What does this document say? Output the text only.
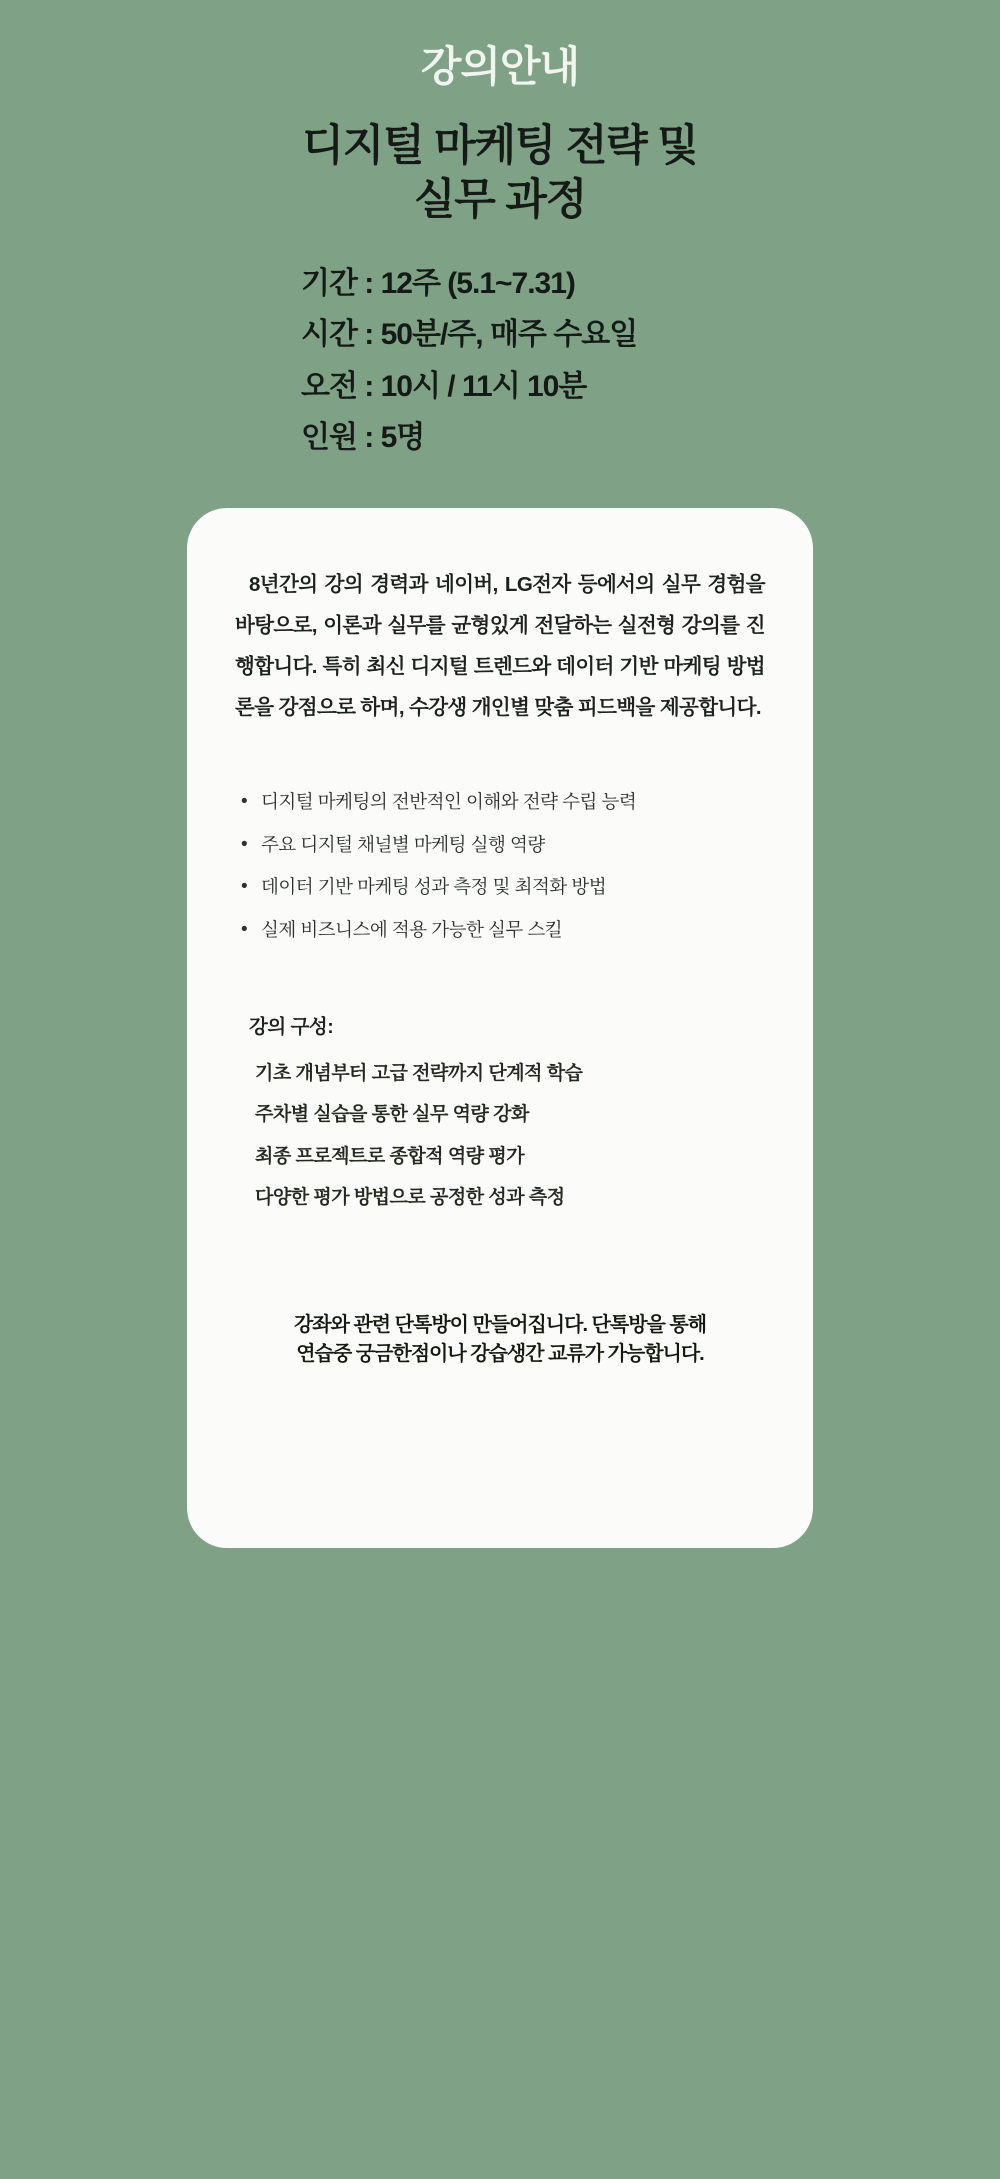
강의안내
디지털 마케팅 전략 및
실무 과정
기간 : 12주 (5.1~7.31)
시간 : 50분/주, 매주 수요일
오전 : 10시 / 11시 10분
인원 : 5명

8년간의 강의 경력과 네이버, LG전자 등에서의 실무 경험을 바탕으로, 이론과 실무를 균형있게 전달하는 실전형 강의를 진행합니다. 특히 최신 디지털 트렌드와 데이터 기반 마케팅 방법론을 강점으로 하며, 수강생 개인별 맞춤 피드백을 제공합니다.

• 디지털 마케팅의 전반적인 이해와 전략 수립 능력
• 주요 디지털 채널별 마케팅 실행 역량
• 데이터 기반 마케팅 성과 측정 및 최적화 방법
• 실제 비즈니스에 적용 가능한 실무 스킬
강의 구성:
기초 개념부터 고급 전략까지 단계적 학습
주차별 실습을 통한 실무 역량 강화
최종 프로젝트로 종합적 역량 평가
다양한 평가 방법으로 공정한 성과 측정
강좌와 관련 단톡방이 만들어집니다. 단톡방을 통해
연습중 궁금한점이나 강습생간 교류가 가능합니다.
